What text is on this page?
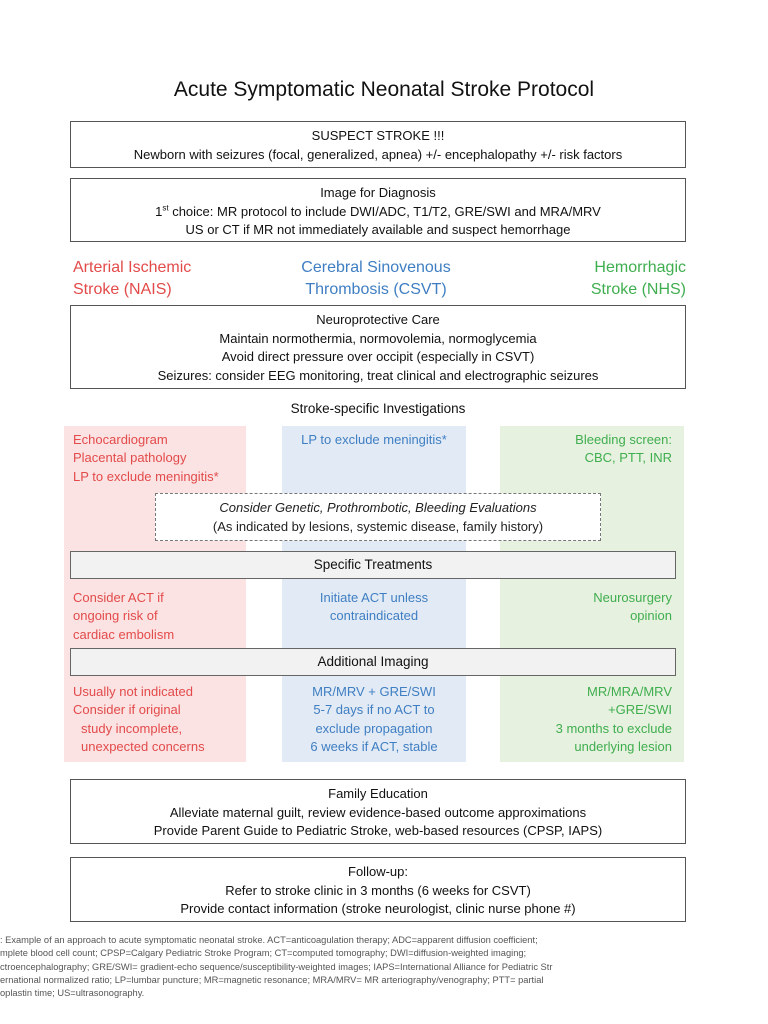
Acute Symptomatic Neonatal Stroke Protocol
SUSPECT STROKE !!!
Newborn with seizures (focal, generalized, apnea) +/- encephalopathy +/- risk factors
Image for Diagnosis
1st choice: MR protocol to include DWI/ADC, T1/T2, GRE/SWI and MRA/MRV
US or CT if MR not immediately available and suspect hemorrhage
Arterial Ischemic
Stroke (NAIS)
Cerebral Sinovenous
Thrombosis (CSVT)
Hemorrhagic
Stroke (NHS)
Neuroprotective Care
Maintain normothermia, normovolemia, normoglycemia
Avoid direct pressure over occipit (especially in CSVT)
Seizures: consider EEG monitoring, treat clinical and electrographic seizures
Stroke-specific Investigations
Echocardiogram
Placental pathology
LP to exclude meningitis*
LP to exclude meningitis*	Bleeding screen:
CBC, PTT, INR
Consider Genetic, Prothrombotic, Bleeding Evaluations
(As indicated by lesions, systemic disease, family history)
Specific Treatments
Consider ACT if
ongoing risk of
cardiac embolism
Initiate ACT unless
contraindicated
Neurosurgery
opinion
Additional Imaging
Usually not indicated
Consider if original
study incomplete,
unexpected concerns
MR/MRV + GRE/SWI
5-7 days if no ACT to
exclude propagation
6 weeks if ACT, stable
MR/MRA/MRV
+GRE/SWI
3 months to exclude
underlying lesion
Family Education
Alleviate maternal guilt, review evidence-based outcome approximations
Provide Parent Guide to Pediatric Stroke, web-based resources (CPSP, IAPS)
Follow-up:
Refer to stroke clinic in 3 months (6 weeks for CSVT)
Provide contact information (stroke neurologist, clinic nurse phone #)
: Example of an approach to acute symptomatic neonatal stroke. ACT=anticoagulation therapy; ADC=apparent diffusion coefficient;
mplete blood cell count; CPSP=Calgary Pediatric Stroke Program; CT=computed tomography; DWI=diffusion-weighted imaging;
ctroencephalography; GRE/SWI= gradient-echo sequence/susceptibility-weighted images; IAPS=International Alliance for Pediatric Str
ernational normalized ratio; LP=lumbar puncture; MR=magnetic resonance; MRA/MRV= MR arteriography/venography; PTT= partial
oplastin time; US=ultrasonography.
